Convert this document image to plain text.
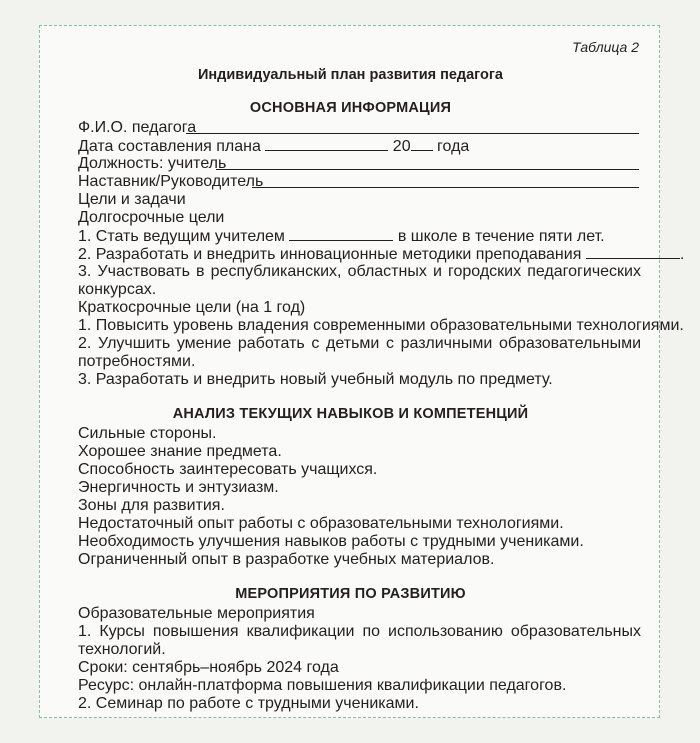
Таблица 2
Индивидуальный план развития педагога
ОСНОВНАЯ ИНФОРМАЦИЯ
Ф.И.О. педагога
Дата составления плана	20 года
Должность: учитель
Наставник/Руководитель
Цели и задачи
Долгосрочные цели
1. Стать ведущим учителем	в школе в течение пяти лет.
2. Разработать и внедрить инновационные методики преподавания	.
3. Участвовать в республиканских, областных и городских педагогических конкурсах.
Краткосрочные цели (на 1 год)
1. Повысить уровень владения современными образовательными технологиями.
2. Улучшить умение работать с детьми с различными образовательными потребностями.
3. Разработать и внедрить новый учебный модуль по предмету.
АНАЛИЗ ТЕКУЩИХ НАВЫКОВ И КОМПЕТЕНЦИЙ
Сильные стороны.
Хорошее знание предмета.
Способность заинтересовать учащихся.
Энергичность и энтузиазм.
Зоны для развития.
Недостаточный опыт работы с образовательными технологиями.
Необходимость улучшения навыков работы с трудными учениками.
Ограниченный опыт в разработке учебных материалов.
МЕРОПРИЯТИЯ ПО РАЗВИТИЮ
Образовательные мероприятия
1. Курсы повышения квалификации по использованию образовательных технологий.
Сроки: сентябрь–ноябрь 2024 года
Ресурс: онлайн-платформа повышения квалификации педагогов.
2. Семинар по работе с трудными учениками.
